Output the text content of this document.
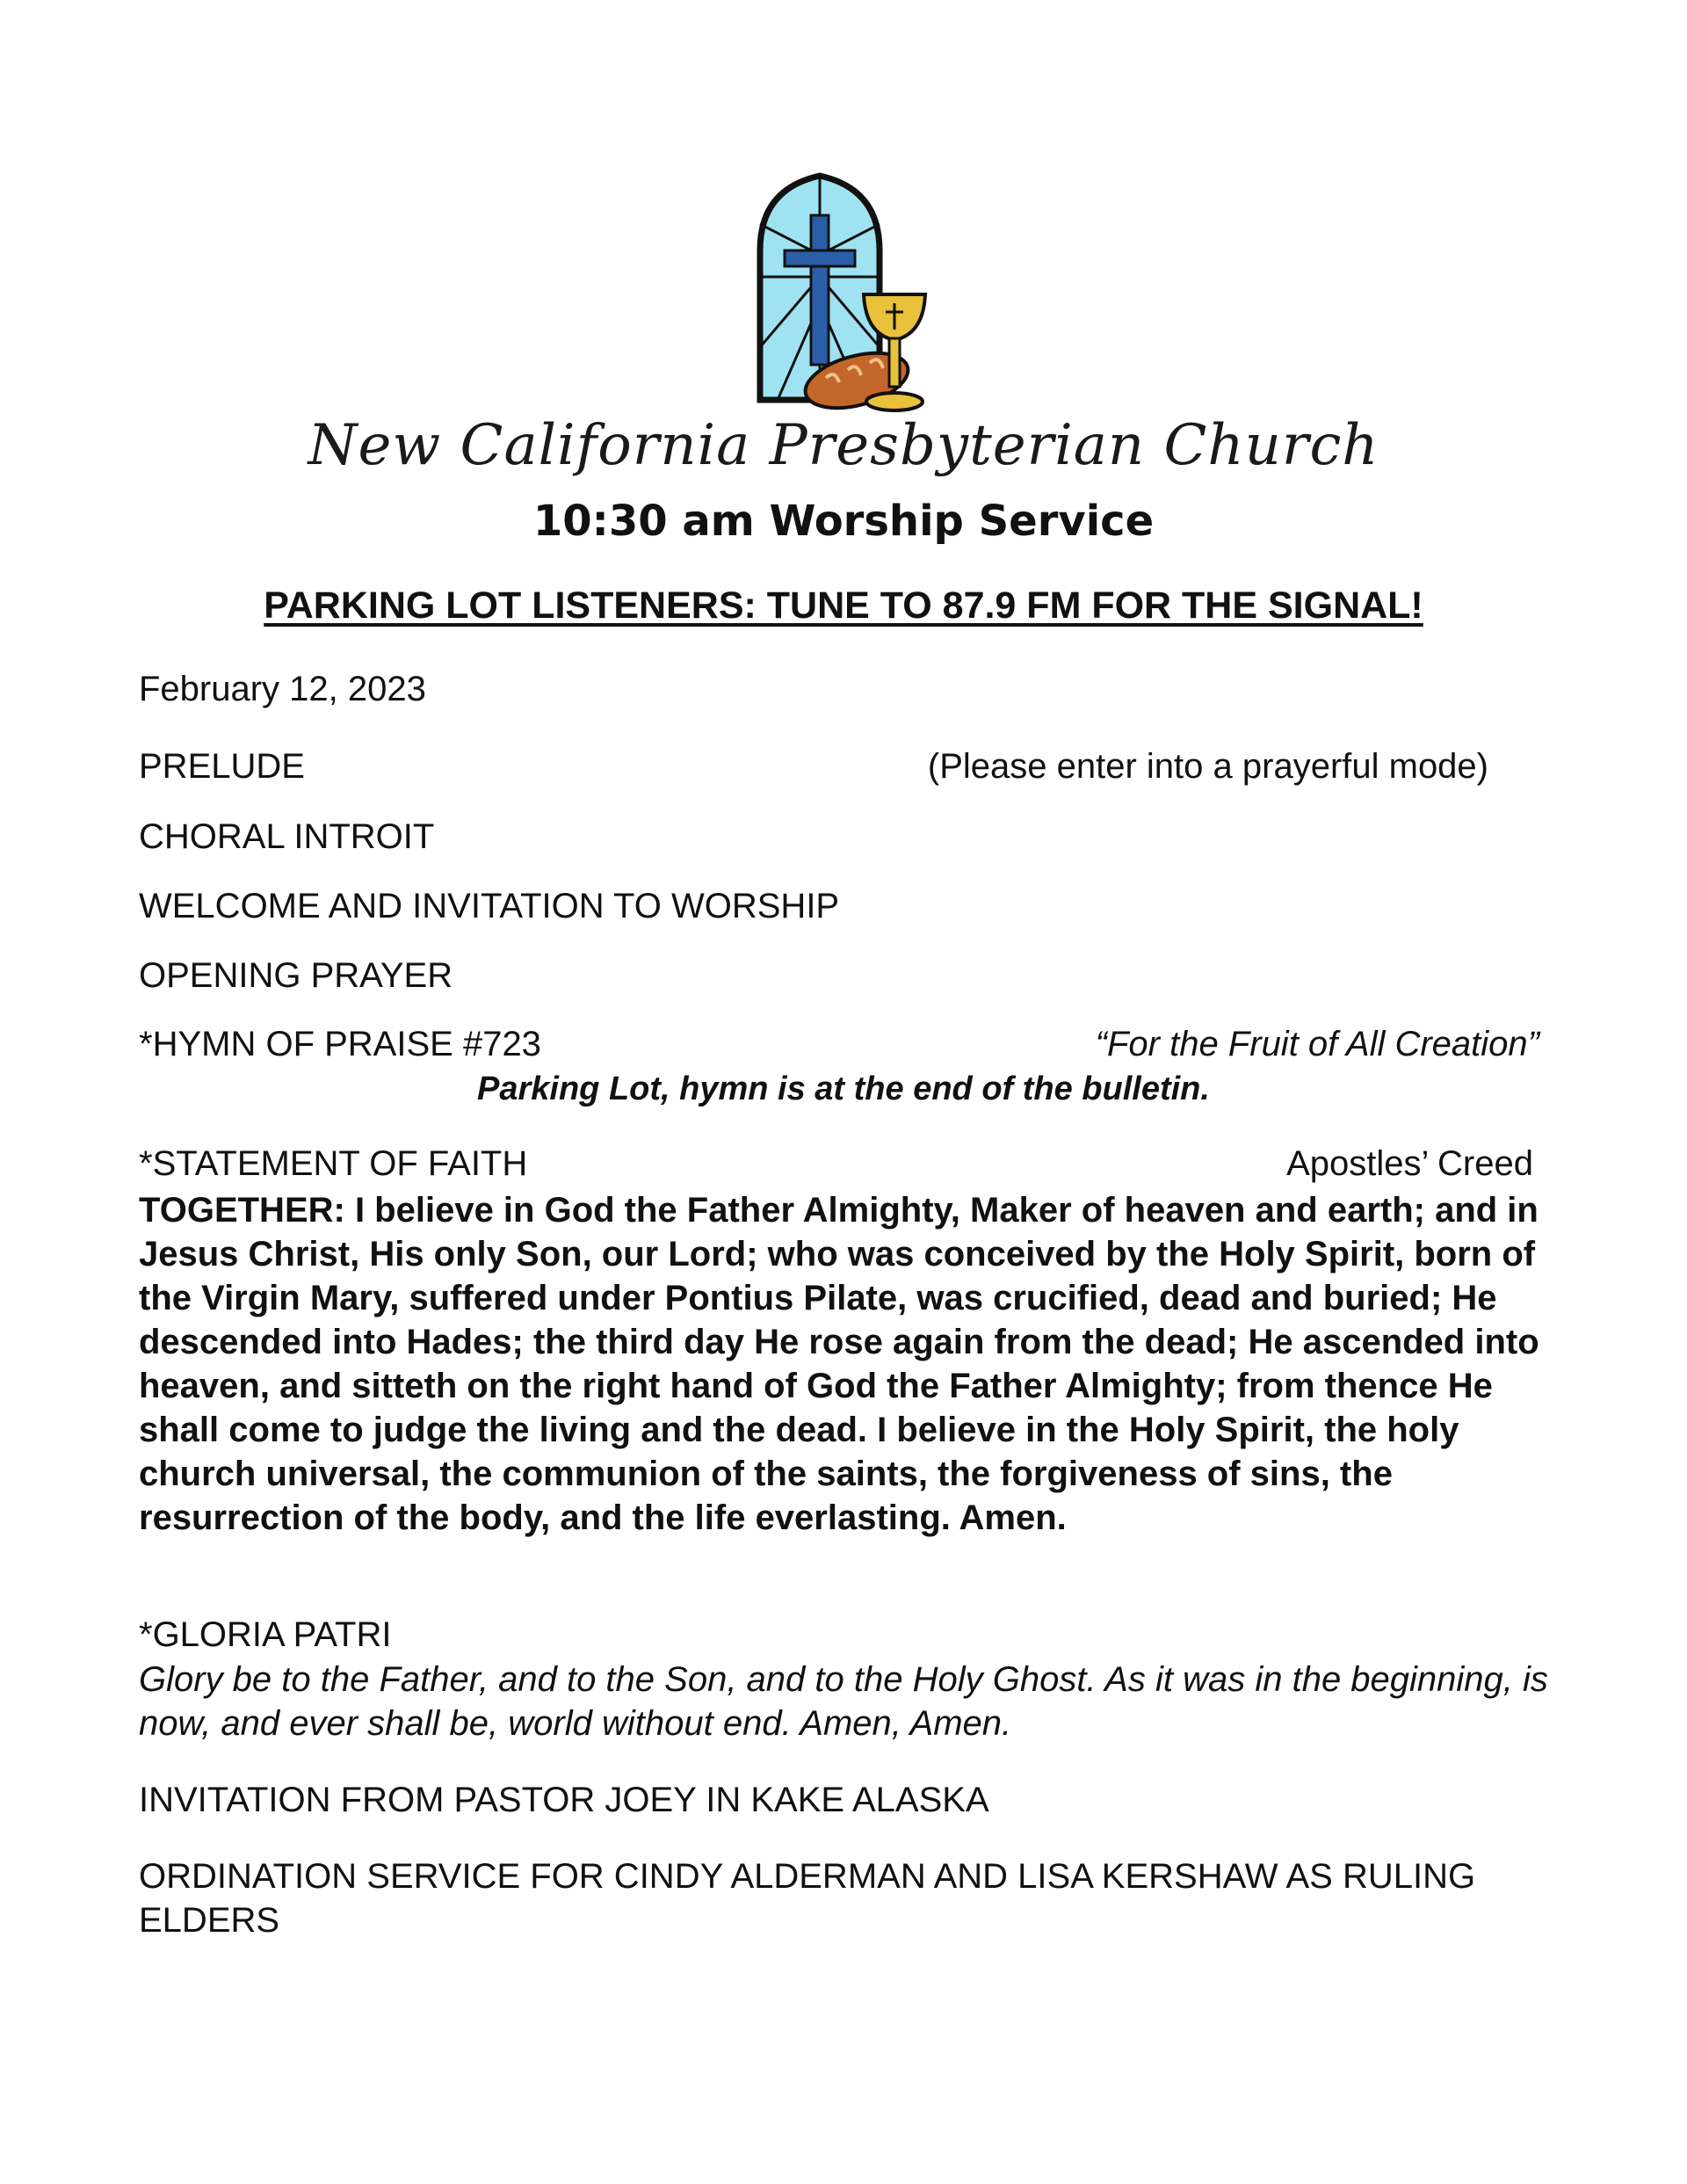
New California Presbyterian Church
10:30 am Worship Service
PARKING LOT LISTENERS: TUNE TO 87.9 FM FOR THE SIGNAL!
February 12, 2023
PRELUDE	(Please enter into a prayerful mode)
CHORAL INTROIT
WELCOME AND INVITATION TO WORSHIP
OPENING PRAYER
*HYMN OF PRAISE #723	“For the Fruit of All Creation”
Parking Lot, hymn is at the end of the bulletin.
*STATEMENT OF FAITH	Apostles’ Creed
TOGETHER: I believe in God the Father Almighty, Maker of heaven and earth; and in Jesus Christ, His only Son, our Lord; who was conceived by the Holy Spirit, born of the Virgin Mary, suffered under Pontius Pilate, was crucified, dead and buried; He descended into Hades; the third day He rose again from the dead; He ascended into heaven, and sitteth on the right hand of God the Father Almighty; from thence He shall come to judge the living and the dead. I believe in the Holy Spirit, the holy church universal, the communion of the saints, the forgiveness of sins, the resurrection of the body, and the life everlasting. Amen.
*GLORIA PATRI
Glory be to the Father, and to the Son, and to the Holy Ghost. As it was in the beginning, is now, and ever shall be, world without end. Amen, Amen.
INVITATION FROM PASTOR JOEY IN KAKE ALASKA
ORDINATION SERVICE FOR CINDY ALDERMAN AND LISA KERSHAW AS RULING ELDERS
